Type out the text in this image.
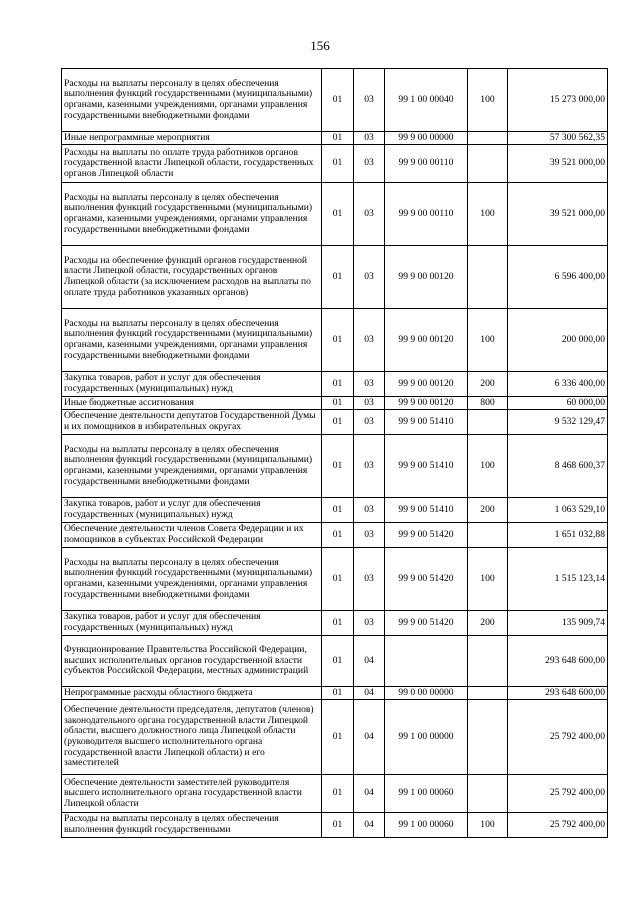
156
Расходы на выплаты персоналу в целях обеспечения выполнения функций государственными (муниципальными) органами, казенными учреждениями, органами управления государственными внебюджетными фондами	01	03	99 1 00 00040	100	15 273 000,00
Иные непрограммные мероприятия	01	03	99 9 00 00000		57 300 562,35
Расходы на выплаты по оплате труда работников органов государственной власти Липецкой области, государственных органов Липецкой области	01	03	99 9 00 00110		39 521 000,00
Расходы на выплаты персоналу в целях обеспечения выполнения функций государственными (муниципальными) органами, казенными учреждениями, органами управления государственными внебюджетными фондами	01	03	99 9 00 00110	100	39 521 000,00
Расходы на обеспечение функций органов государственной власти Липецкой области, государственных органов Липецкой области (за исключением расходов на выплаты по оплате труда работников указанных органов)	01	03	99 9 00 00120		6 596 400,00
Расходы на выплаты персоналу в целях обеспечения выполнения функций государственными (муниципальными) органами, казенными учреждениями, органами управления государственными внебюджетными фондами	01	03	99 9 00 00120	100	200 000,00
Закупка товаров, работ и услуг для обеспечения государственных (муниципальных) нужд	01	03	99 9 00 00120	200	6 336 400,00
Иные бюджетные ассигнования	01	03	99 9 00 00120	800	60 000,00
Обеспечение деятельности депутатов Государственной Думы и их помощников в избирательных округах	01	03	99 9 00 51410		9 532 129,47
Расходы на выплаты персоналу в целях обеспечения выполнения функций государственными (муниципальными) органами, казенными учреждениями, органами управления государственными внебюджетными фондами	01	03	99 9 00 51410	100	8 468 600,37
Закупка товаров, работ и услуг для обеспечения государственных (муниципальных) нужд	01	03	99 9 00 51410	200	1 063 529,10
Обеспечение деятельности членов Совета Федерации и их помощников в субъектах Российской Федерации	01	03	99 9 00 51420		1 651 032,88
Расходы на выплаты персоналу в целях обеспечения выполнения функций государственными (муниципальными) органами, казенными учреждениями, органами управления государственными внебюджетными фондами	01	03	99 9 00 51420	100	1 515 123,14
Закупка товаров, работ и услуг для обеспечения государственных (муниципальных) нужд	01	03	99 9 00 51420	200	135 909,74
Функционирование Правительства Российской Федерации, высших исполнительных органов государственной власти субъектов Российской Федерации, местных администраций	01	04			293 648 600,00
Непрограммные расходы областного бюджета	01	04	99 0 00 00000		293 648 600,00
Обеспечение деятельности председателя, депутатов (членов) законодательного органа государственной власти Липецкой области, высшего должностного лица Липецкой области (руководителя высшего исполнительного органа государственной власти Липецкой области) и его заместителей	01	04	99 1 00 00000		25 792 400,00
Обеспечение деятельности заместителей руководителя высшего исполнительного органа государственной власти Липецкой области	01	04	99 1 00 00060		25 792 400,00
Расходы на выплаты персоналу в целях обеспечения выполнения функций государственными	01	04	99 1 00 00060	100	25 792 400,00
